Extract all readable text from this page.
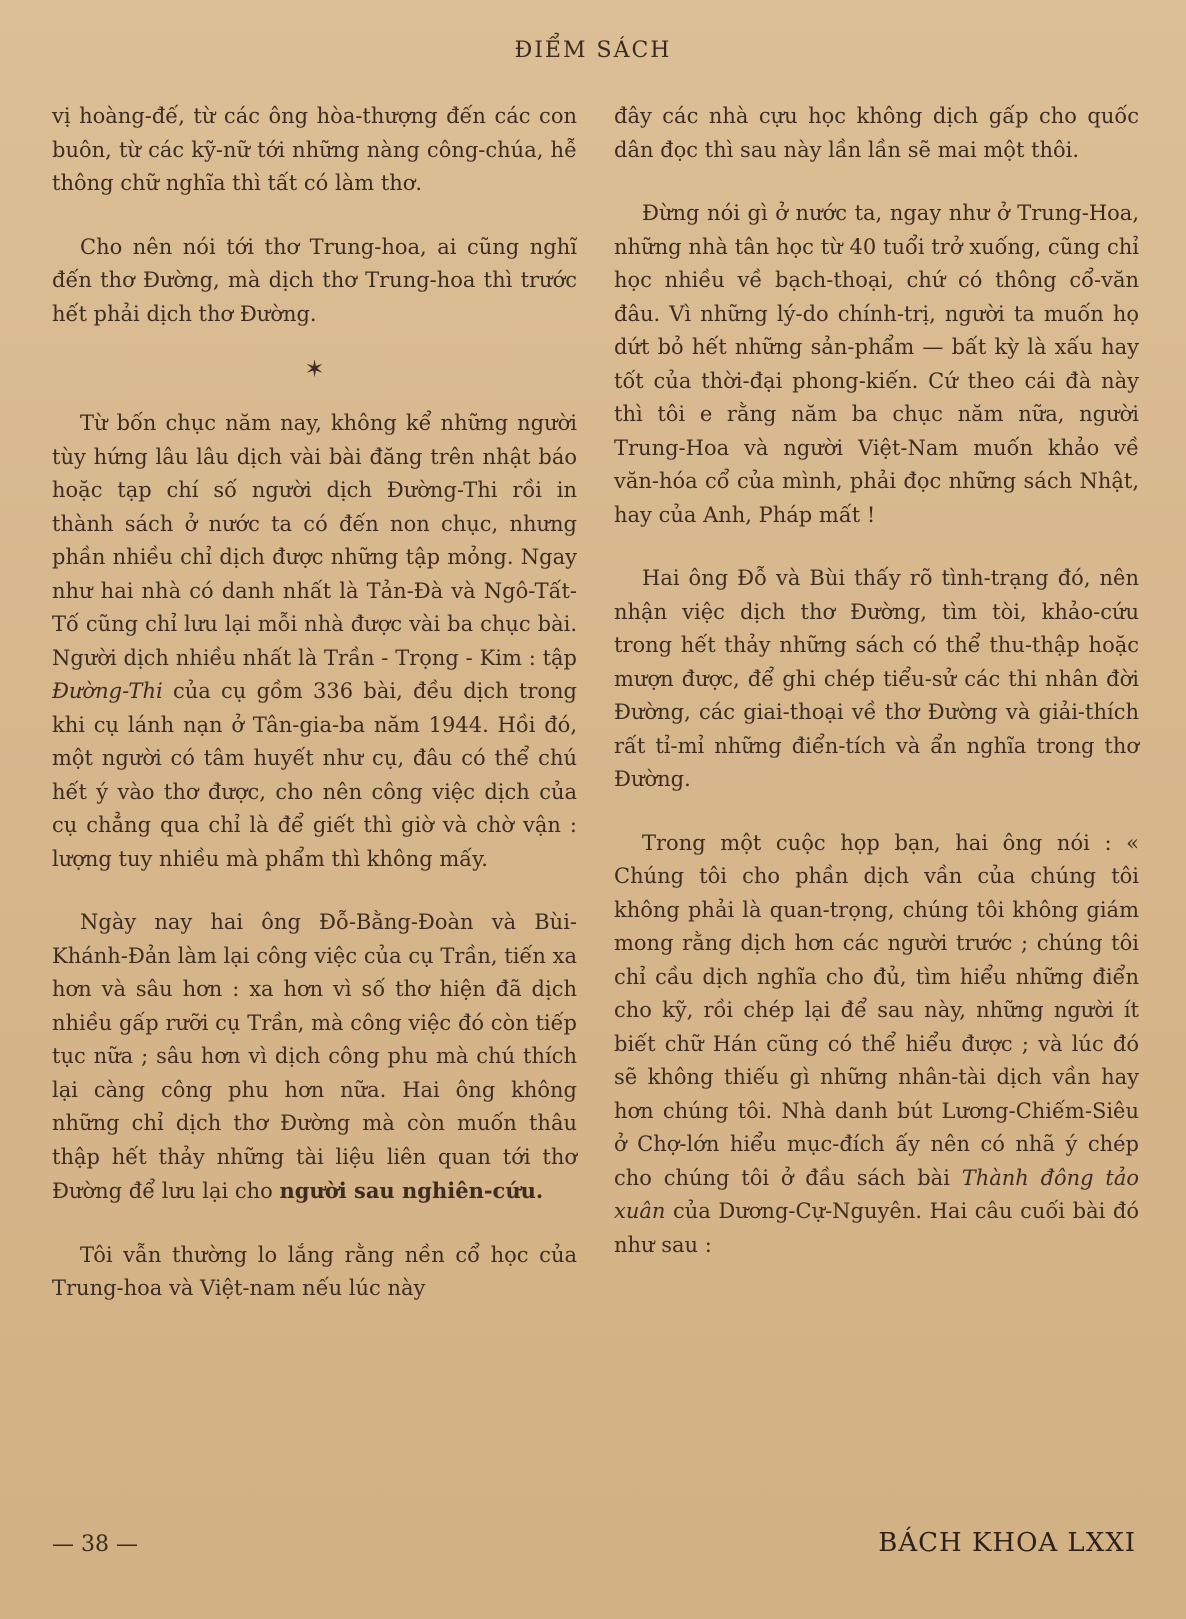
ĐIỂM SÁCH

vị hoàng-đế, từ các ông hòa-thượng đến các con buôn, từ các kỹ-nữ tới những nàng công-chúa, hễ thông chữ nghĩa thì tất có làm thơ.

Cho nên nói tới thơ Trung-hoa, ai cũng nghĩ đến thơ Đường, mà dịch thơ Trung-hoa thì trước hết phải dịch thơ Đường.

✶

Từ bốn chục năm nay, không kể những người tùy hứng lâu lâu dịch vài bài đăng trên nhật báo hoặc tạp chí số người dịch Đường-Thi rồi in thành sách ở nước ta có đến non chục, nhưng phần nhiều chỉ dịch được những tập mỏng. Ngay như hai nhà có danh nhất là Tản-Đà và Ngô-Tất-Tố cũng chỉ lưu lại mỗi nhà được vài ba chục bài. Người dịch nhiều nhất là Trần - Trọng - Kim : tập Đường-Thi của cụ gồm 336 bài, đều dịch trong khi cụ lánh nạn ở Tân-gia-ba năm 1944. Hồi đó, một người có tâm huyết như cụ, đâu có thể chú hết ý vào thơ được, cho nên công việc dịch của cụ chẳng qua chỉ là để giết thì giờ và chờ vận : lượng tuy nhiều mà phẩm thì không mấy.

Ngày nay hai ông Đỗ-Bằng-Đoàn và Bùi-Khánh-Đản làm lại công việc của cụ Trần, tiến xa hơn và sâu hơn : xa hơn vì số thơ hiện đã dịch nhiều gấp rưỡi cụ Trần, mà công việc đó còn tiếp tục nữa ; sâu hơn vì dịch công phu mà chú thích lại càng công phu hơn nữa. Hai ông không những chỉ dịch thơ Đường mà còn muốn thâu thập hết thảy những tài liệu liên quan tới thơ Đường để lưu lại cho người sau nghiên-cứu.

Tôi vẫn thường lo lắng rằng nền cổ học của Trung-hoa và Việt-nam nếu lúc này

đây các nhà cựu học không dịch gấp cho quốc dân đọc thì sau này lần lần sẽ mai một thôi.

Đừng nói gì ở nước ta, ngay như ở Trung-Hoa, những nhà tân học từ 40 tuổi trở xuống, cũng chỉ học nhiều về bạch-thoại, chứ có thông cổ-văn đâu. Vì những lý-do chính-trị, người ta muốn họ dứt bỏ hết những sản-phẩm — bất kỳ là xấu hay tốt của thời-đại phong-kiến. Cứ theo cái đà này thì tôi e rằng năm ba chục năm nữa, người Trung-Hoa và người Việt-Nam muốn khảo về văn-hóa cổ của mình, phải đọc những sách Nhật, hay của Anh, Pháp mất !

Hai ông Đỗ và Bùi thấy rõ tình-trạng đó, nên nhận việc dịch thơ Đường, tìm tòi, khảo-cứu trong hết thảy những sách có thể thu-thập hoặc mượn được, để ghi chép tiểu-sử các thi nhân đời Đường, các giai-thoại về thơ Đường và giải-thích rất tỉ-mỉ những điển-tích và ẩn nghĩa trong thơ Đường.

Trong một cuộc họp bạn, hai ông nói : « Chúng tôi cho phần dịch vần của chúng tôi không phải là quan-trọng, chúng tôi không giám mong rằng dịch hơn các người trước ; chúng tôi chỉ cầu dịch nghĩa cho đủ, tìm hiểu những điển cho kỹ, rồi chép lại để sau này, những người ít biết chữ Hán cũng có thể hiểu được ; và lúc đó sẽ không thiếu gì những nhân-tài dịch vần hay hơn chúng tôi. Nhà danh bút Lương-Chiếm-Siêu ở Chợ-lớn hiểu mục-đích ấy nên có nhã ý chép cho chúng tôi ở đầu sách bài Thành đông tảo xuân của Dương-Cự-Nguyên. Hai câu cuối bài đó như sau :

— 38 —	BÁCH KHOA LXXI
